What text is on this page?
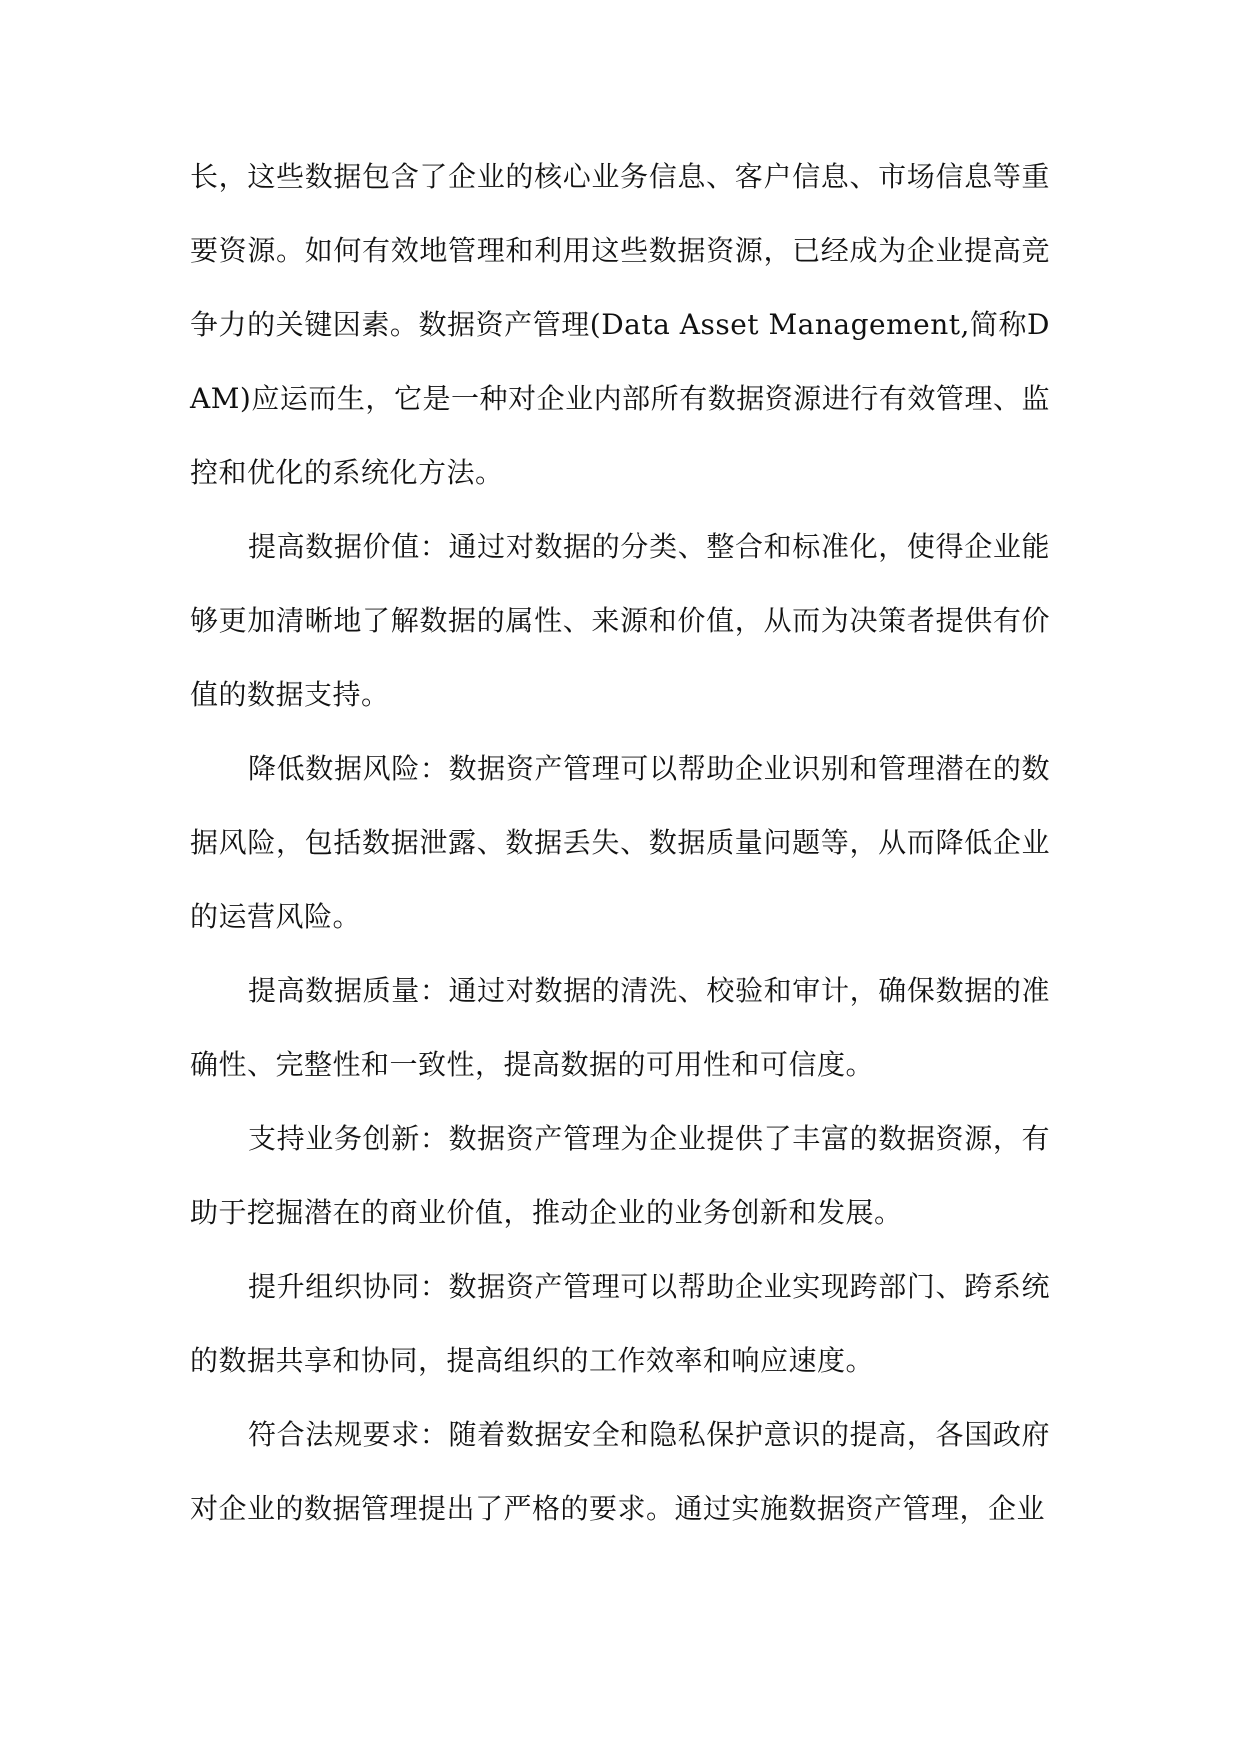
长，这些数据包含了企业的核心业务信息、客户信息、市场信息等重要资源。如何有效地管理和利用这些数据资源，已经成为企业提高竞争力的关键因素。数据资产管理(Data Asset Management,简称DAM)应运而生，它是一种对企业内部所有数据资源进行有效管理、监控和优化的系统化方法。

提高数据价值：通过对数据的分类、整合和标准化，使得企业能够更加清晰地了解数据的属性、来源和价值，从而为决策者提供有价值的数据支持。

降低数据风险：数据资产管理可以帮助企业识别和管理潜在的数据风险，包括数据泄露、数据丢失、数据质量问题等，从而降低企业的运营风险。

提高数据质量：通过对数据的清洗、校验和审计，确保数据的准确性、完整性和一致性，提高数据的可用性和可信度。

支持业务创新：数据资产管理为企业提供了丰富的数据资源，有助于挖掘潜在的商业价值，推动企业的业务创新和发展。

提升组织协同：数据资产管理可以帮助企业实现跨部门、跨系统的数据共享和协同，提高组织的工作效率和响应速度。

符合法规要求：随着数据安全和隐私保护意识的提高，各国政府对企业的数据管理提出了严格的要求。通过实施数据资产管理，企业
